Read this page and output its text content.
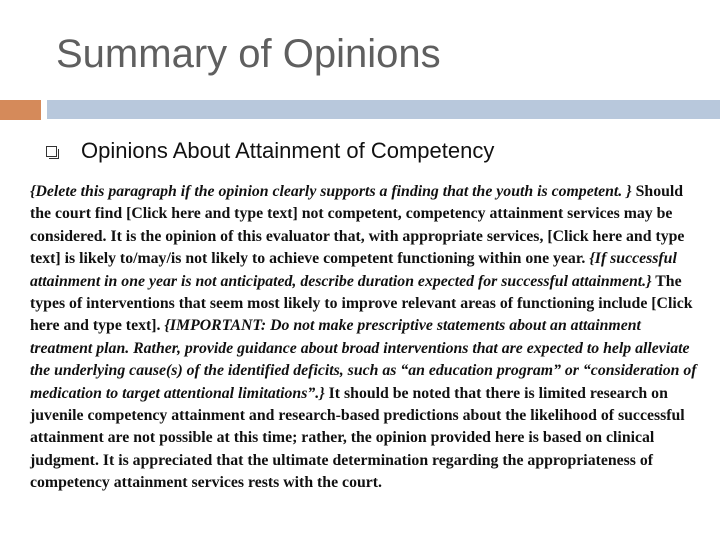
Summary of Opinions
Opinions About Attainment of Competency

{Delete this paragraph if the opinion clearly supports a finding that the youth is competent. } Should the court find [Click here and type text] not competent, competency attainment services may be considered. It is the opinion of this evaluator that, with appropriate services, [Click here and type text] is likely to/may/is not likely to achieve competent functioning within one year. {If successful attainment in one year is not anticipated, describe duration expected for successful attainment.} The types of interventions that seem most likely to improve relevant areas of functioning include [Click here and type text]. {IMPORTANT: Do not make prescriptive statements about an attainment treatment plan. Rather, provide guidance about broad interventions that are expected to help alleviate the underlying cause(s) of the identified deficits, such as “an education program” or “consideration of medication to target attentional limitations”.} It should be noted that there is limited research on juvenile competency attainment and research-based predictions about the likelihood of successful attainment are not possible at this time; rather, the opinion provided here is based on clinical judgment. It is appreciated that the ultimate determination regarding the appropriateness of competency attainment services rests with the court.
